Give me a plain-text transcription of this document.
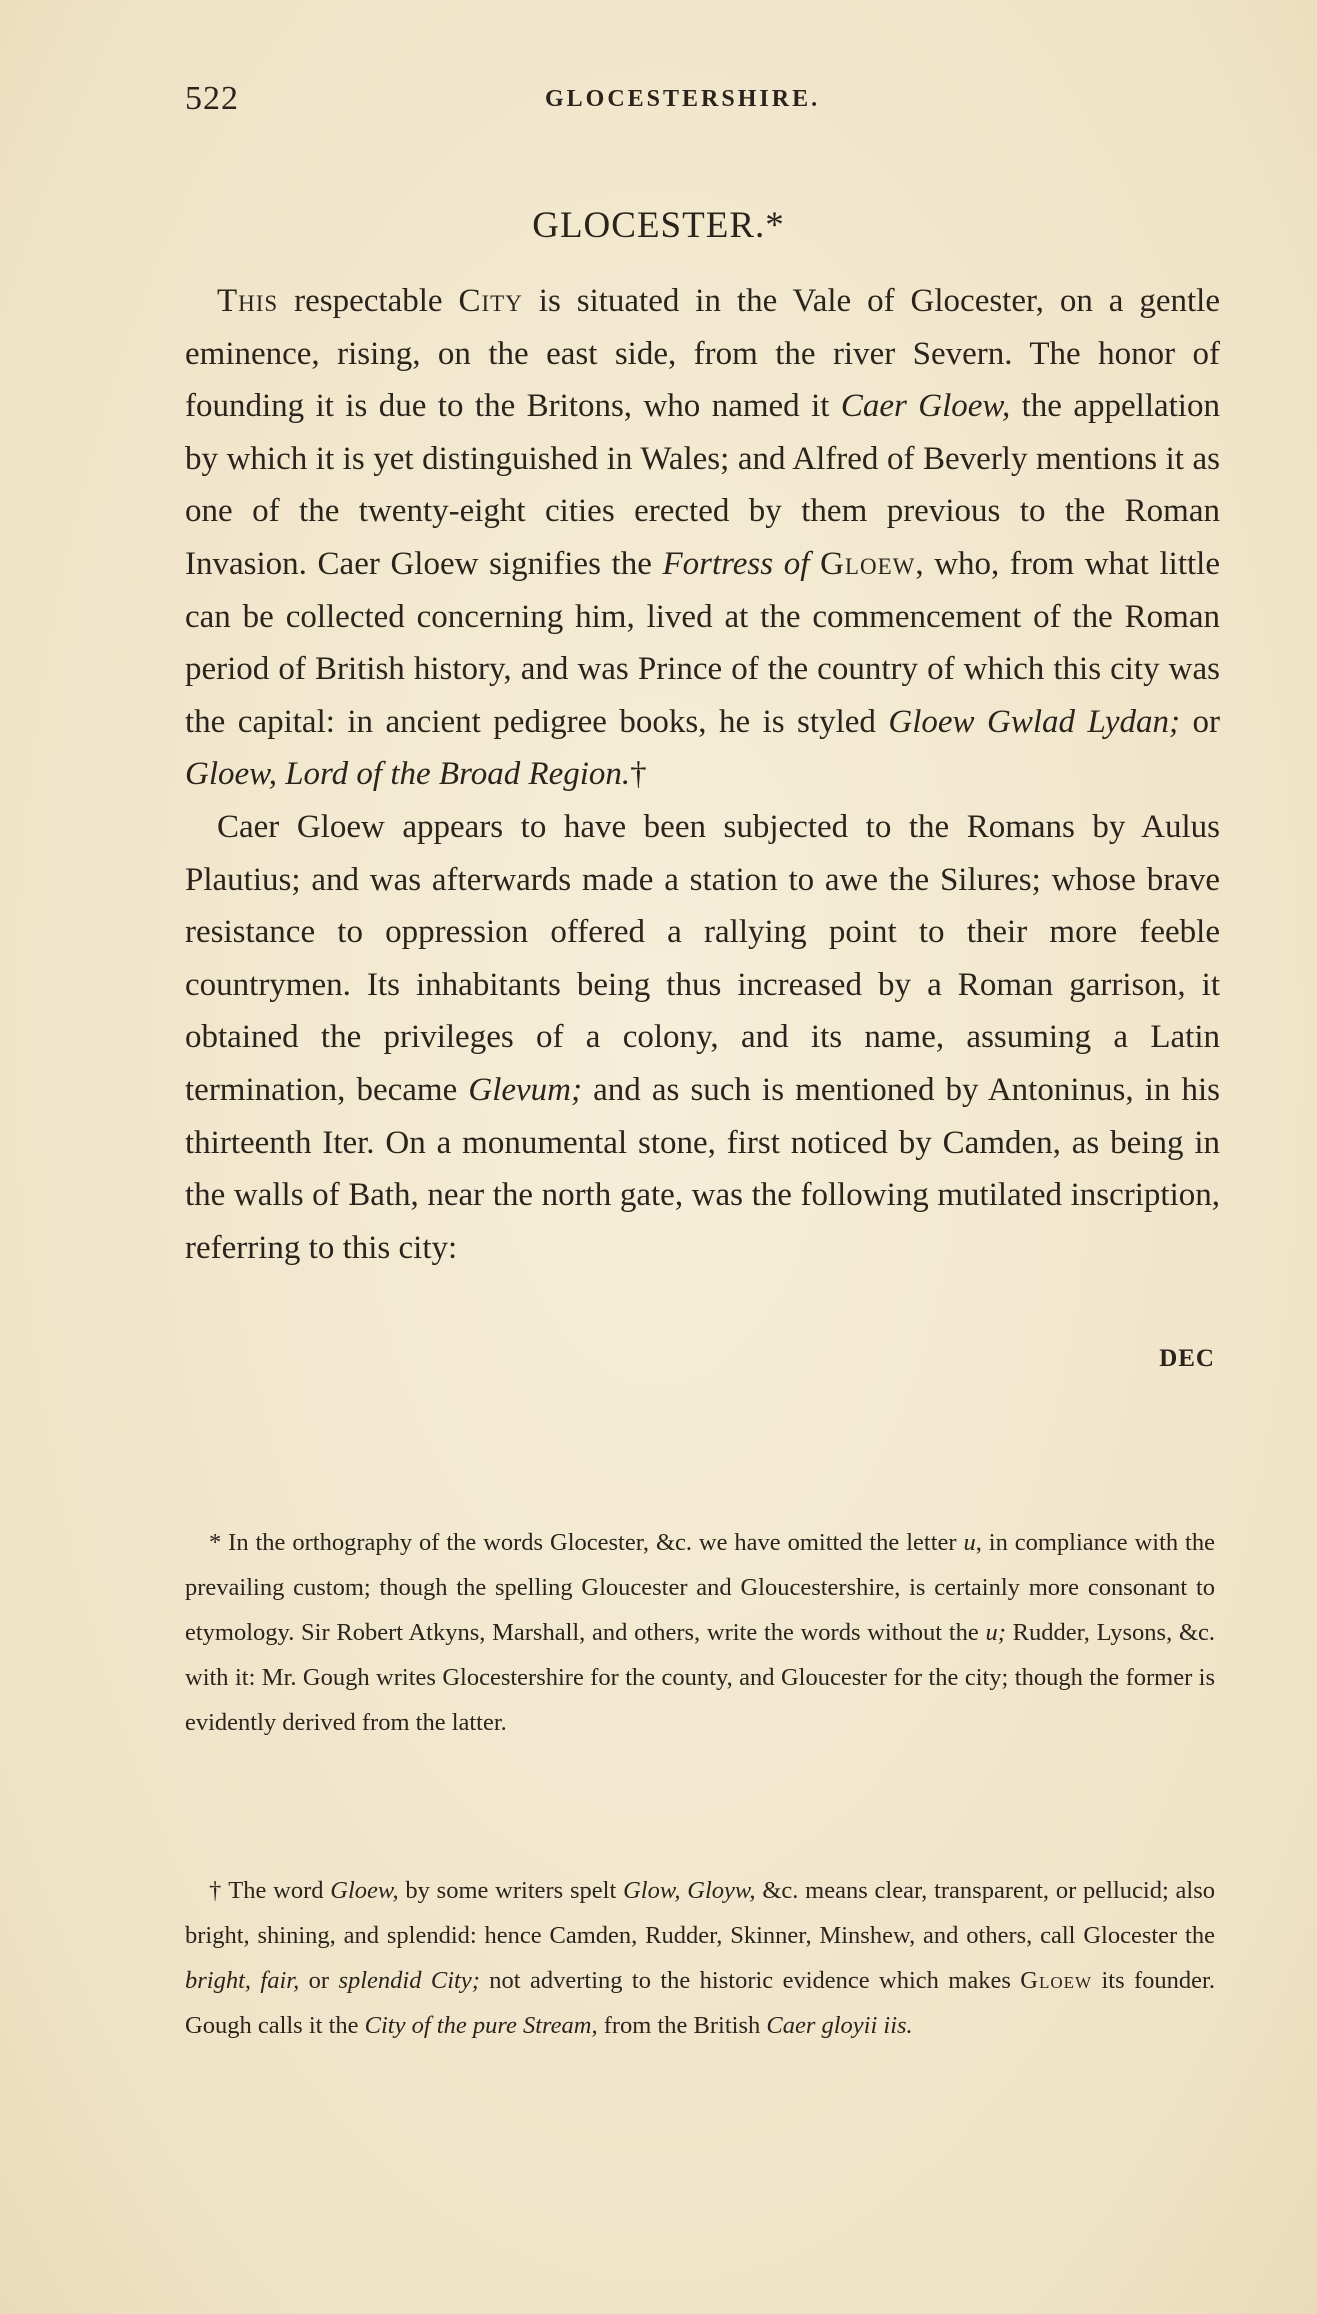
522	GLOCESTERSHIRE.
GLOCESTER.*

This respectable City is situated in the Vale of Glocester, on a gentle eminence, rising, on the east side, from the river Severn. The honor of founding it is due to the Britons, who named it Caer Gloew, the appellation by which it is yet distinguished in Wales; and Alfred of Beverly mentions it as one of the twenty-eight cities erected by them previous to the Roman Invasion. Caer Gloew signifies the Fortress of Gloew, who, from what little can be collected concerning him, lived at the commencement of the Roman period of British history, and was Prince of the country of which this city was the capital: in ancient pedigree books, he is styled Gloew Gwlad Lydan; or Gloew, Lord of the Broad Region.†

Caer Gloew appears to have been subjected to the Romans by Aulus Plautius; and was afterwards made a station to awe the Silures; whose brave resistance to oppression offered a rallying point to their more feeble countrymen. Its inhabitants being thus increased by a Roman garrison, it obtained the privileges of a colony, and its name, assuming a Latin termination, became Glevum; and as such is mentioned by Antoninus, in his thirteenth Iter. On a monumental stone, first noticed by Camden, as being in the walls of Bath, near the north gate, was the following mutilated inscription, referring to this city:

DEC

* In the orthography of the words Glocester, &c. we have omitted the letter u, in compliance with the prevailing custom; though the spelling Gloucester and Gloucestershire, is certainly more consonant to etymology. Sir Robert Atkyns, Marshall, and others, write the words without the u; Rudder, Lysons, &c. with it: Mr. Gough writes Glocestershire for the county, and Gloucester for the city; though the former is evidently derived from the latter.

† The word Gloew, by some writers spelt Glow, Gloyw, &c. means clear, transparent, or pellucid; also bright, shining, and splendid: hence Camden, Rudder, Skinner, Minshew, and others, call Glocester the bright, fair, or splendid City; not adverting to the historic evidence which makes Gloew its founder. Gough calls it the City of the pure Stream, from the British Caer gloyii iis.
